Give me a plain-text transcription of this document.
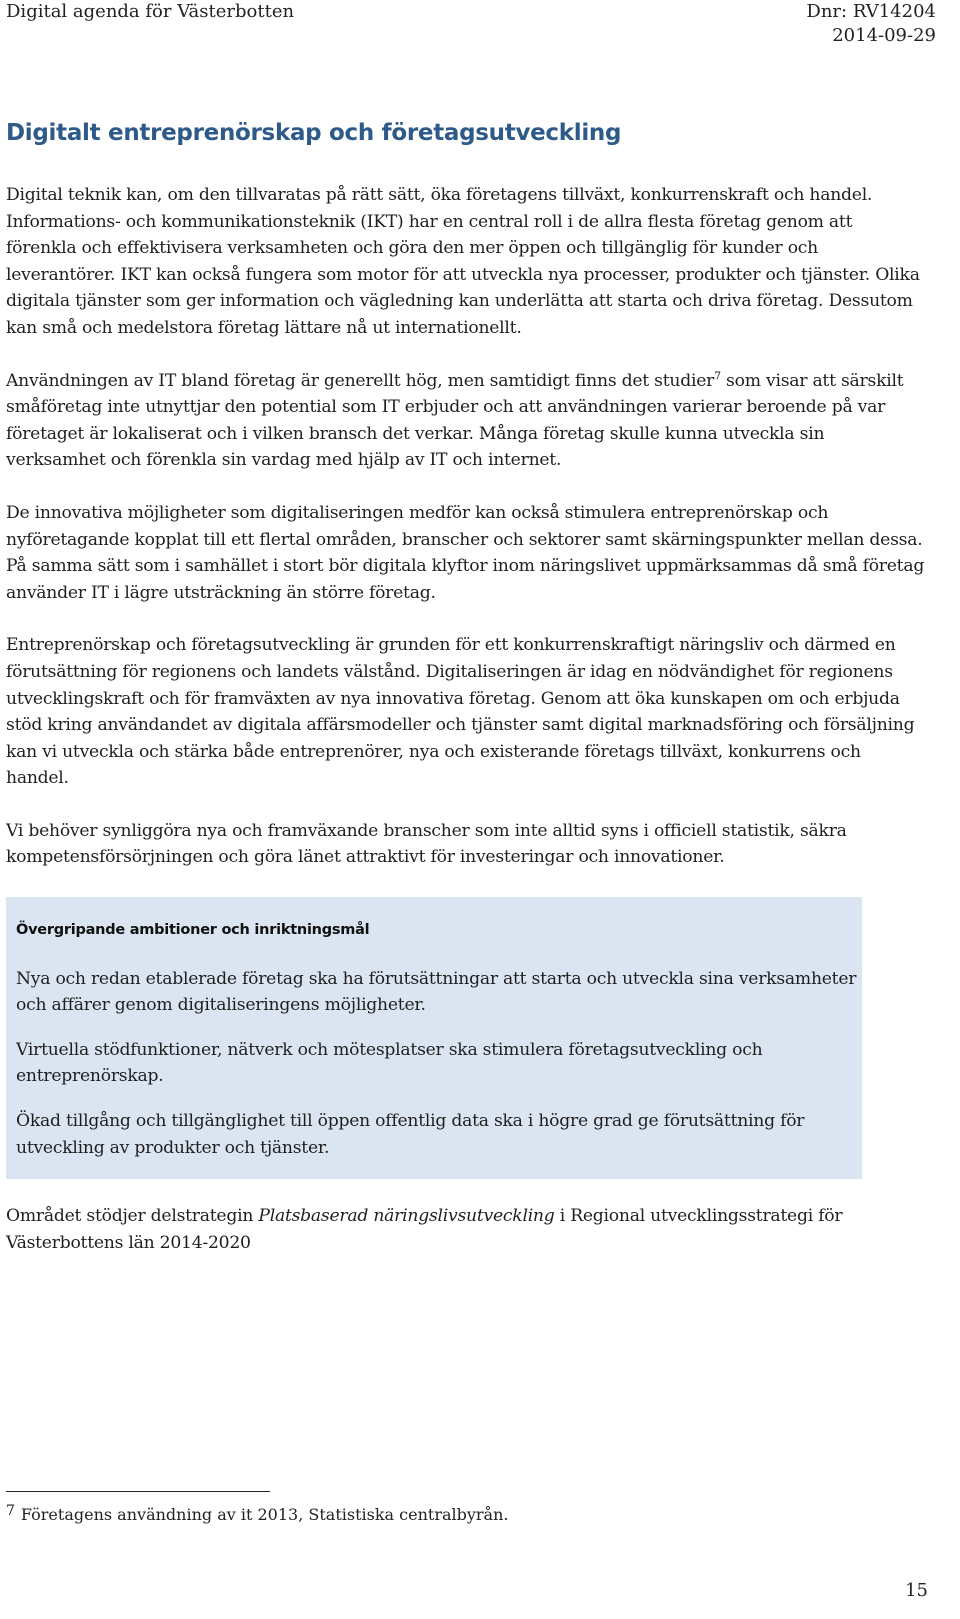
Digital agenda för Västerbotten	Dnr: RV14204
2014-09-29
Digitalt entreprenörskap och företagsutveckling

Digital teknik kan, om den tillvaratas på rätt sätt, öka företagens tillväxt, konkurrenskraft och handel. Informations- och kommunikationsteknik (IKT) har en central roll i de allra flesta företag genom att förenkla och effektivisera verksamheten och göra den mer öppen och tillgänglig för kunder och leverantörer. IKT kan också fungera som motor för att utveckla nya processer, produkter och tjänster. Olika digitala tjänster som ger information och vägledning kan underlätta att starta och driva företag. Dessutom kan små och medelstora företag lättare nå ut internationellt.

Användningen av IT bland företag är generellt hög, men samtidigt finns det studier$^7$ som visar att särskilt småföretag inte utnyttjar den potential som IT erbjuder och att användningen varierar beroende på var företaget är lokaliserat och i vilken bransch det verkar. Många företag skulle kunna utveckla sin verksamhet och förenkla sin vardag med hjälp av IT och internet.

De innovativa möjligheter som digitaliseringen medför kan också stimulera entreprenörskap och nyföretagande kopplat till ett flertal områden, branscher och sektorer samt skärningspunkter mellan dessa. På samma sätt som i samhället i stort bör digitala klyftor inom näringslivet uppmärksammas då små företag använder IT i lägre utsträckning än större företag.

Entreprenörskap och företagsutveckling är grunden för ett konkurrenskraftigt näringsliv och därmed en förutsättning för regionens och landets välstånd. Digitaliseringen är idag en nödvändighet för regionens utvecklingskraft och för framväxten av nya innovativa företag. Genom att öka kunskapen om och erbjuda stöd kring användandet av digitala affärsmodeller och tjänster samt digital marknadsföring och försäljning kan vi utveckla och stärka både entreprenörer, nya och existerande företags tillväxt, konkurrens och handel.

Vi behöver synliggöra nya och framväxande branscher som inte alltid syns i officiell statistik, säkra kompetensförsörjningen och göra länet attraktivt för investeringar och innovationer.

Övergripande ambitioner och inriktningsmål

Nya och redan etablerade företag ska ha förutsättningar att starta och utveckla sina verksamheter och affärer genom digitaliseringens möjligheter.

Virtuella stödfunktioner, nätverk och mötesplatser ska stimulera företagsutveckling och entreprenörskap.

Ökad tillgång och tillgänglighet till öppen offentlig data ska i högre grad ge förutsättning för utveckling av produkter och tjänster.

Området stödjer delstrategin Platsbaserad näringslivsutveckling i Regional utvecklingsstrategi för Västerbottens län 2014-2020

7 Företagens användning av it 2013, Statistiska centralbyrån.
15
